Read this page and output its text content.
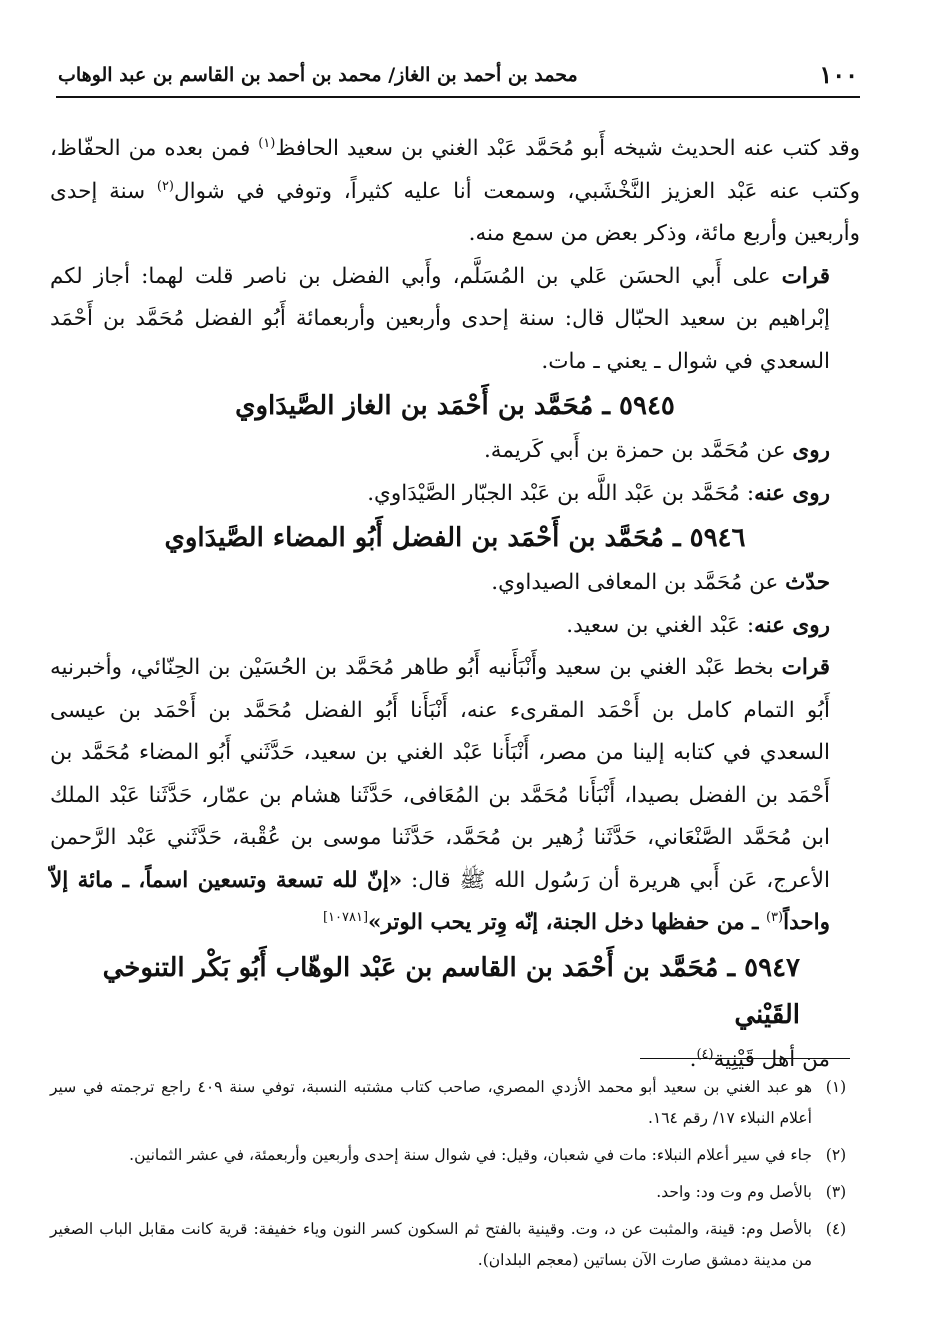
١٠٠
محمد بن أحمد بن الغاز/ محمد بن أحمد بن القاسم بن عبد الوهاب

وقد كتب عنه الحديث شيخه أَبو مُحَمَّد عَبْد الغني بن سعيد الحافظ$^{(١)}$ فمن بعده من الحفّاظ، وكتب عنه عَبْد العزيز النَّخْشَبي، وسمعت أنا عليه كثيراً، وتوفي في شوال$^{(٢)}$ سنة إحدى وأربعين وأربع مائة، وذكر بعض من سمع منه.

قرات على أَبي الحسَن عَلي بن المُسَلَّم، وأَبي الفضل بن ناصر قلت لهما: أجاز لكم إبْراهيم بن سعيد الحبّال قال: سنة إحدى وأربعين وأربعمائة أَبُو الفضل مُحَمَّد بن أَحْمَد السعدي في شوال ـ يعني ـ مات.

٥٩٤٥ ـ مُحَمَّد بن أَحْمَد بن الغاز الصَّيدَاوي

روى عن مُحَمَّد بن حمزة بن أَبي كَريمة.

روى عنه: مُحَمَّد بن عَبْد اللَّه بن عَبْد الجبّار الصَّيْدَاوي.

٥٩٤٦ ـ مُحَمَّد بن أَحْمَد بن الفضل أَبُو المضاء الصَّيدَاوي

حدّث عن مُحَمَّد بن المعافى الصيداوي.

روى عنه: عَبْد الغني بن سعيد.

قرات بخط عَبْد الغني بن سعيد وأَنْبَأَنيه أَبُو طاهر مُحَمَّد بن الحُسَيْن بن الحِنّائي، وأخبرنيه أَبُو التمام كامل بن أَحْمَد المقرىء عنه، أَنْبَأَنا أَبُو الفضل مُحَمَّد بن أَحْمَد بن عيسى السعدي في كتابه إلينا من مصر، أَنْبَأَنا عَبْد الغني بن سعيد، حَدَّثَني أَبُو المضاء مُحَمَّد بن أَحْمَد بن الفضل بصيدا، أَنْبَأَنا مُحَمَّد بن المُعَافى، حَدَّثَنا هشام بن عمّار، حَدَّثَنا عَبْد الملك ابن مُحَمَّد الصَّنْعَاني، حَدَّثَنا زُهير بن مُحَمَّد، حَدَّثَنا موسى بن عُقْبة، حَدَّثَني عَبْد الرَّحمن الأعرج، عَن أَبي هريرة أن رَسُول الله ﷺ قال: «إنّ لله تسعة وتسعين اسماً، ـ مائة إلاّ واحداً$^{(٣)}$ ـ من حفظها دخل الجنة، إنّه وِتر يحب الوتر»[١٠٧٨١]

٥٩٤٧ ـ مُحَمَّد بن أَحْمَد بن القاسم بن عَبْد الوهّاب أَبُو بَكْر التنوخي القَيْني

من أهل قَيْنِية$^{(٤)}$.

(١)
هو عبد الغني بن سعيد أبو محمد الأزدي المصري، صاحب كتاب مشتبه النسبة، توفي سنة ٤٠٩ راجع ترجمته في سير أعلام النبلاء ١٧/ رقم ١٦٤.
(٢)
جاء في سير أعلام النبلاء: مات في شعبان، وقيل: في شوال سنة إحدى وأربعين وأربعمئة، في عشر الثمانين.
(٣)
بالأصل وم وت ود: واحد.
(٤)
بالأصل وم: قينة، والمثبت عن د، وت. وقينية بالفتح ثم السكون كسر النون وياء خفيفة: قرية كانت مقابل الباب الصغير من مدينة دمشق صارت الآن بساتين (معجم البلدان).
